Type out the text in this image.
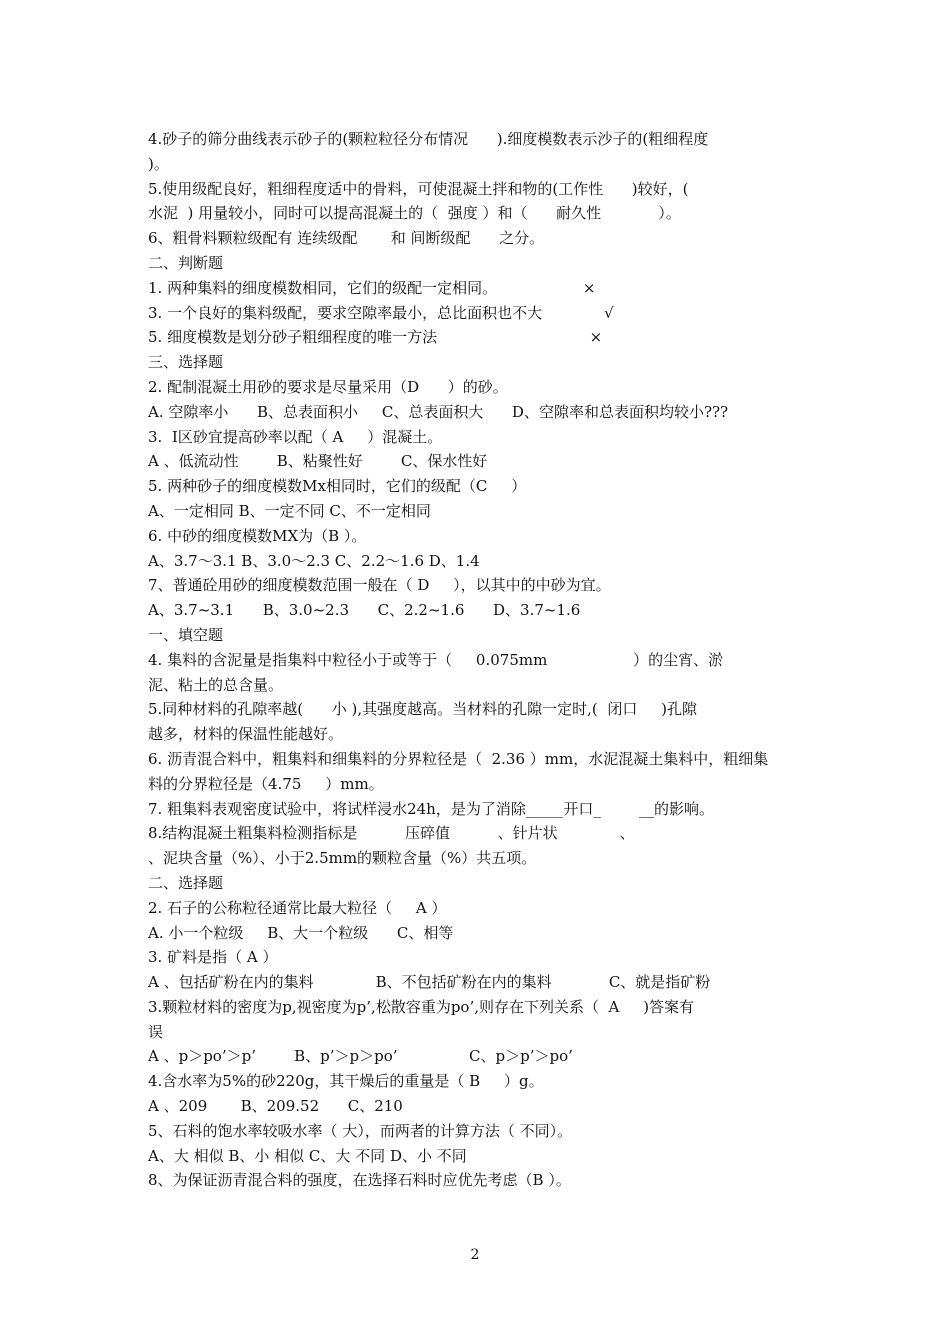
4.砂子的筛分曲线表示砂子的(颗粒粒径分布情况      ).细度模数表示沙子的(粗细程度
)。
5.使用级配良好，粗细程度适中的骨料，可使混凝土拌和物的(工作性      )较好，(
水泥  ) 用量较小，同时可以提高混凝土的（  强度 ）和（      耐久性            ）。
6、粗骨料颗粒级配有 连续级配       和 间断级配      之分。
二、判断题
1. 两种集料的细度模数相同，它们的级配一定相同。                  ×
3. 一个良好的集料级配，要求空隙率最小，总比面积也不大             √
5. 细度模数是划分砂子粗细程度的唯一方法                                ×
三、选择题
2. 配制混凝土用砂的要求是尽量采用（D      ）的砂。
A. 空隙率小      B、总表面积小     C、总表面积大      D、空隙率和总表面积均较小???
3.  I区砂宜提高砂率以配（ A     ）混凝土。
A 、低流动性        B、粘聚性好        C、保水性好
5. 两种砂子的细度模数Mx相同时，它们的级配（C     ）
A、一定相同 B、一定不同 C、不一定相同
6. 中砂的细度模数MX为（B ）。
A、3.7～3.1 B、3.0～2.3 C、2.2～1.6 D、1.4
7、普通砼用砂的细度模数范围一般在（ D     ），以其中的中砂为宜。
A、3.7~3.1      B、3.0~2.3      C、2.2~1.6      D、3.7~1.6
一、填空题
4. 集料的含泥量是指集料中粒径小于或等于（     0.075mm                  ）的尘宵、淤
泥、粘土的总含量。
5.同种材料的孔隙率越(      小 ),其强度越高。当材料的孔隙一定时,(  闭口     )孔隙
越多，材料的保温性能越好。
6. 沥青混合料中，粗集料和细集料的分界粒径是（  2.36 ）mm，水泥混凝土集料中，粗细集
料的分界粒径是（4.75     ）mm。
7. 粗集料表观密度试验中，将试样浸水24h，是为了消除_____开口_        __的影响。
8.结构混凝土粗集料检测指标是          压碎值          、针片状             、
、泥块含量（%）、小于2.5mm的颗粒含量（%）共五项。
二、选择题
2. 石子的公称粒径通常比最大粒径（     A ）
A. 小一个粒级     B、大一个粒级      C、相等
3. 矿料是指（ A ）
A 、包括矿粉在内的集料             B、不包括矿粉在内的集料            C、就是指矿粉
3.颗粒材料的密度为p,视密度为p’,松散容重为po’,则存在下列关系（  A     )答案有
误
A 、p＞po’＞p’        B、p’＞p＞po’               C、p＞p’＞po’
4.含水率为5%的砂220g，其干燥后的重量是（ B     ）g。
A 、209       B、209.52      C、210
5、石料的饱水率较吸水率（ 大），而两者的计算方法（ 不同）。
A、大 相似 B、小 相似 C、大 不同 D、小 不同
8、为保证沥青混合料的强度，在选择石料时应优先考虑（B ）。
2
